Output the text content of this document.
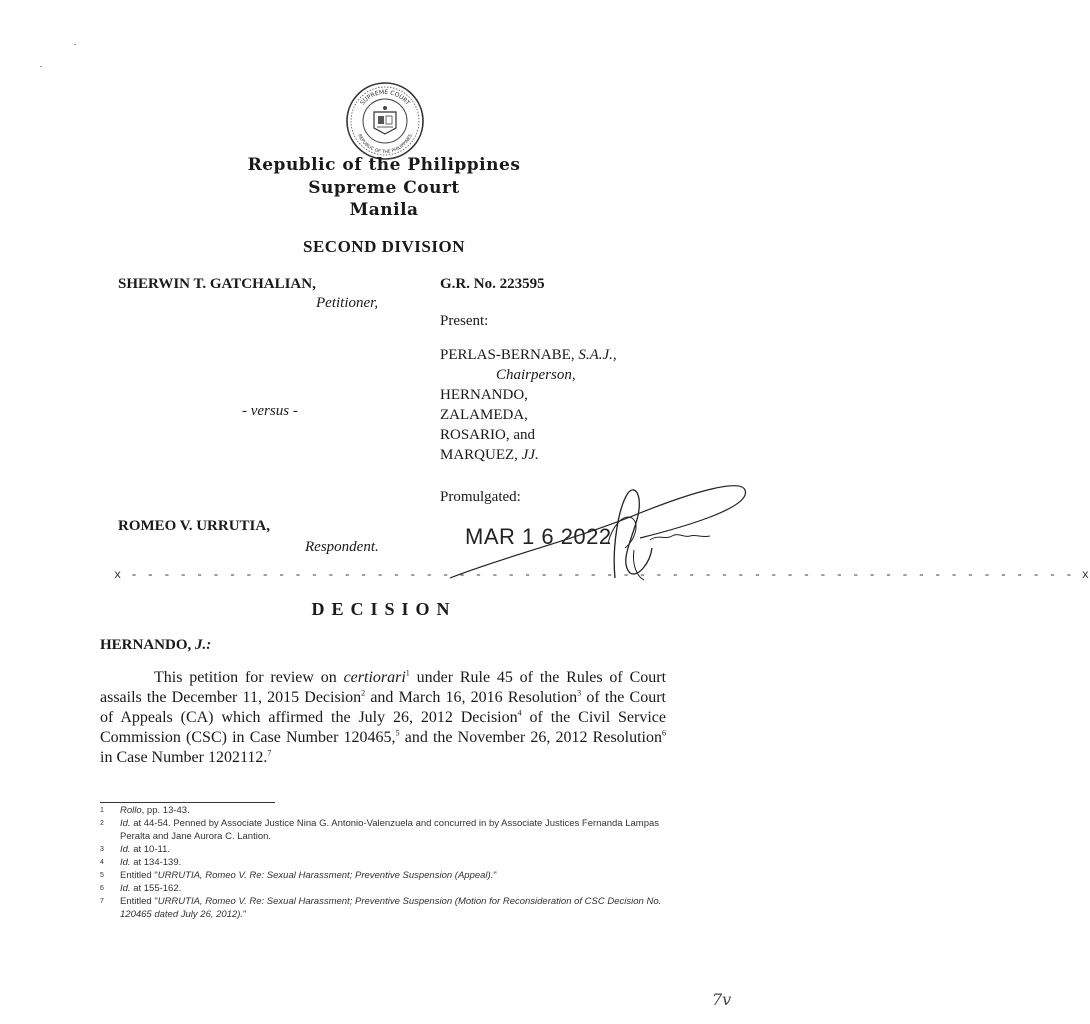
SUPREME COURT
REPUBLIC OF THE PHILIPPINES
Republic of the Philippines
Supreme Court
Manila
SECOND DIVISION
SHERWIN T. GATCHALIAN,
Petitioner,
- versus -
ROMEO V. URRUTIA,
Respondent.
G.R. No. 223595
Present:
PERLAS-BERNABE, S.A.J.,
Chairperson,
HERNANDO,
ZALAMEDA,
ROSARIO, and
MARQUEZ, JJ.
Promulgated:
MAR 1 6 2022
x - - - - - - - - - - - - - - - - - - - - - - - - - - - - - - - - - - - - - - - - - - - - - - - - - - - - - - - - - - x
DECISION
HERNANDO, J.:

This petition for review on certiorari$^1$ under Rule 45 of the Rules of Court assails the December 11, 2015 Decision$^2$ and March 16, 2016 Resolution$^3$ of the Court of Appeals (CA) which affirmed the July 26, 2012 Decision$^4$ of the Civil Service Commission (CSC) in Case Number 120465,$^5$ and the November 26, 2012 Resolution$^6$ in Case Number 1202112.$^7$

1	Rollo, pp. 13-43.
2	Id. at 44-54. Penned by Associate Justice Nina G. Antonio-Valenzuela and concurred in by Associate Justices Fernanda Lampas Peralta and Jane Aurora C. Lantion.
3	Id. at 10-11.
4	Id. at 134-139.
5	Entitled "URRUTIA, Romeo V. Re: Sexual Harassment; Preventive Suspension (Appeal)."
6	Id. at 155-162.
7	Entitled "URRUTIA, Romeo V. Re: Sexual Harassment; Preventive Suspension (Motion for Reconsideration of CSC Decision No. 120465 dated July 26, 2012)."
7v
